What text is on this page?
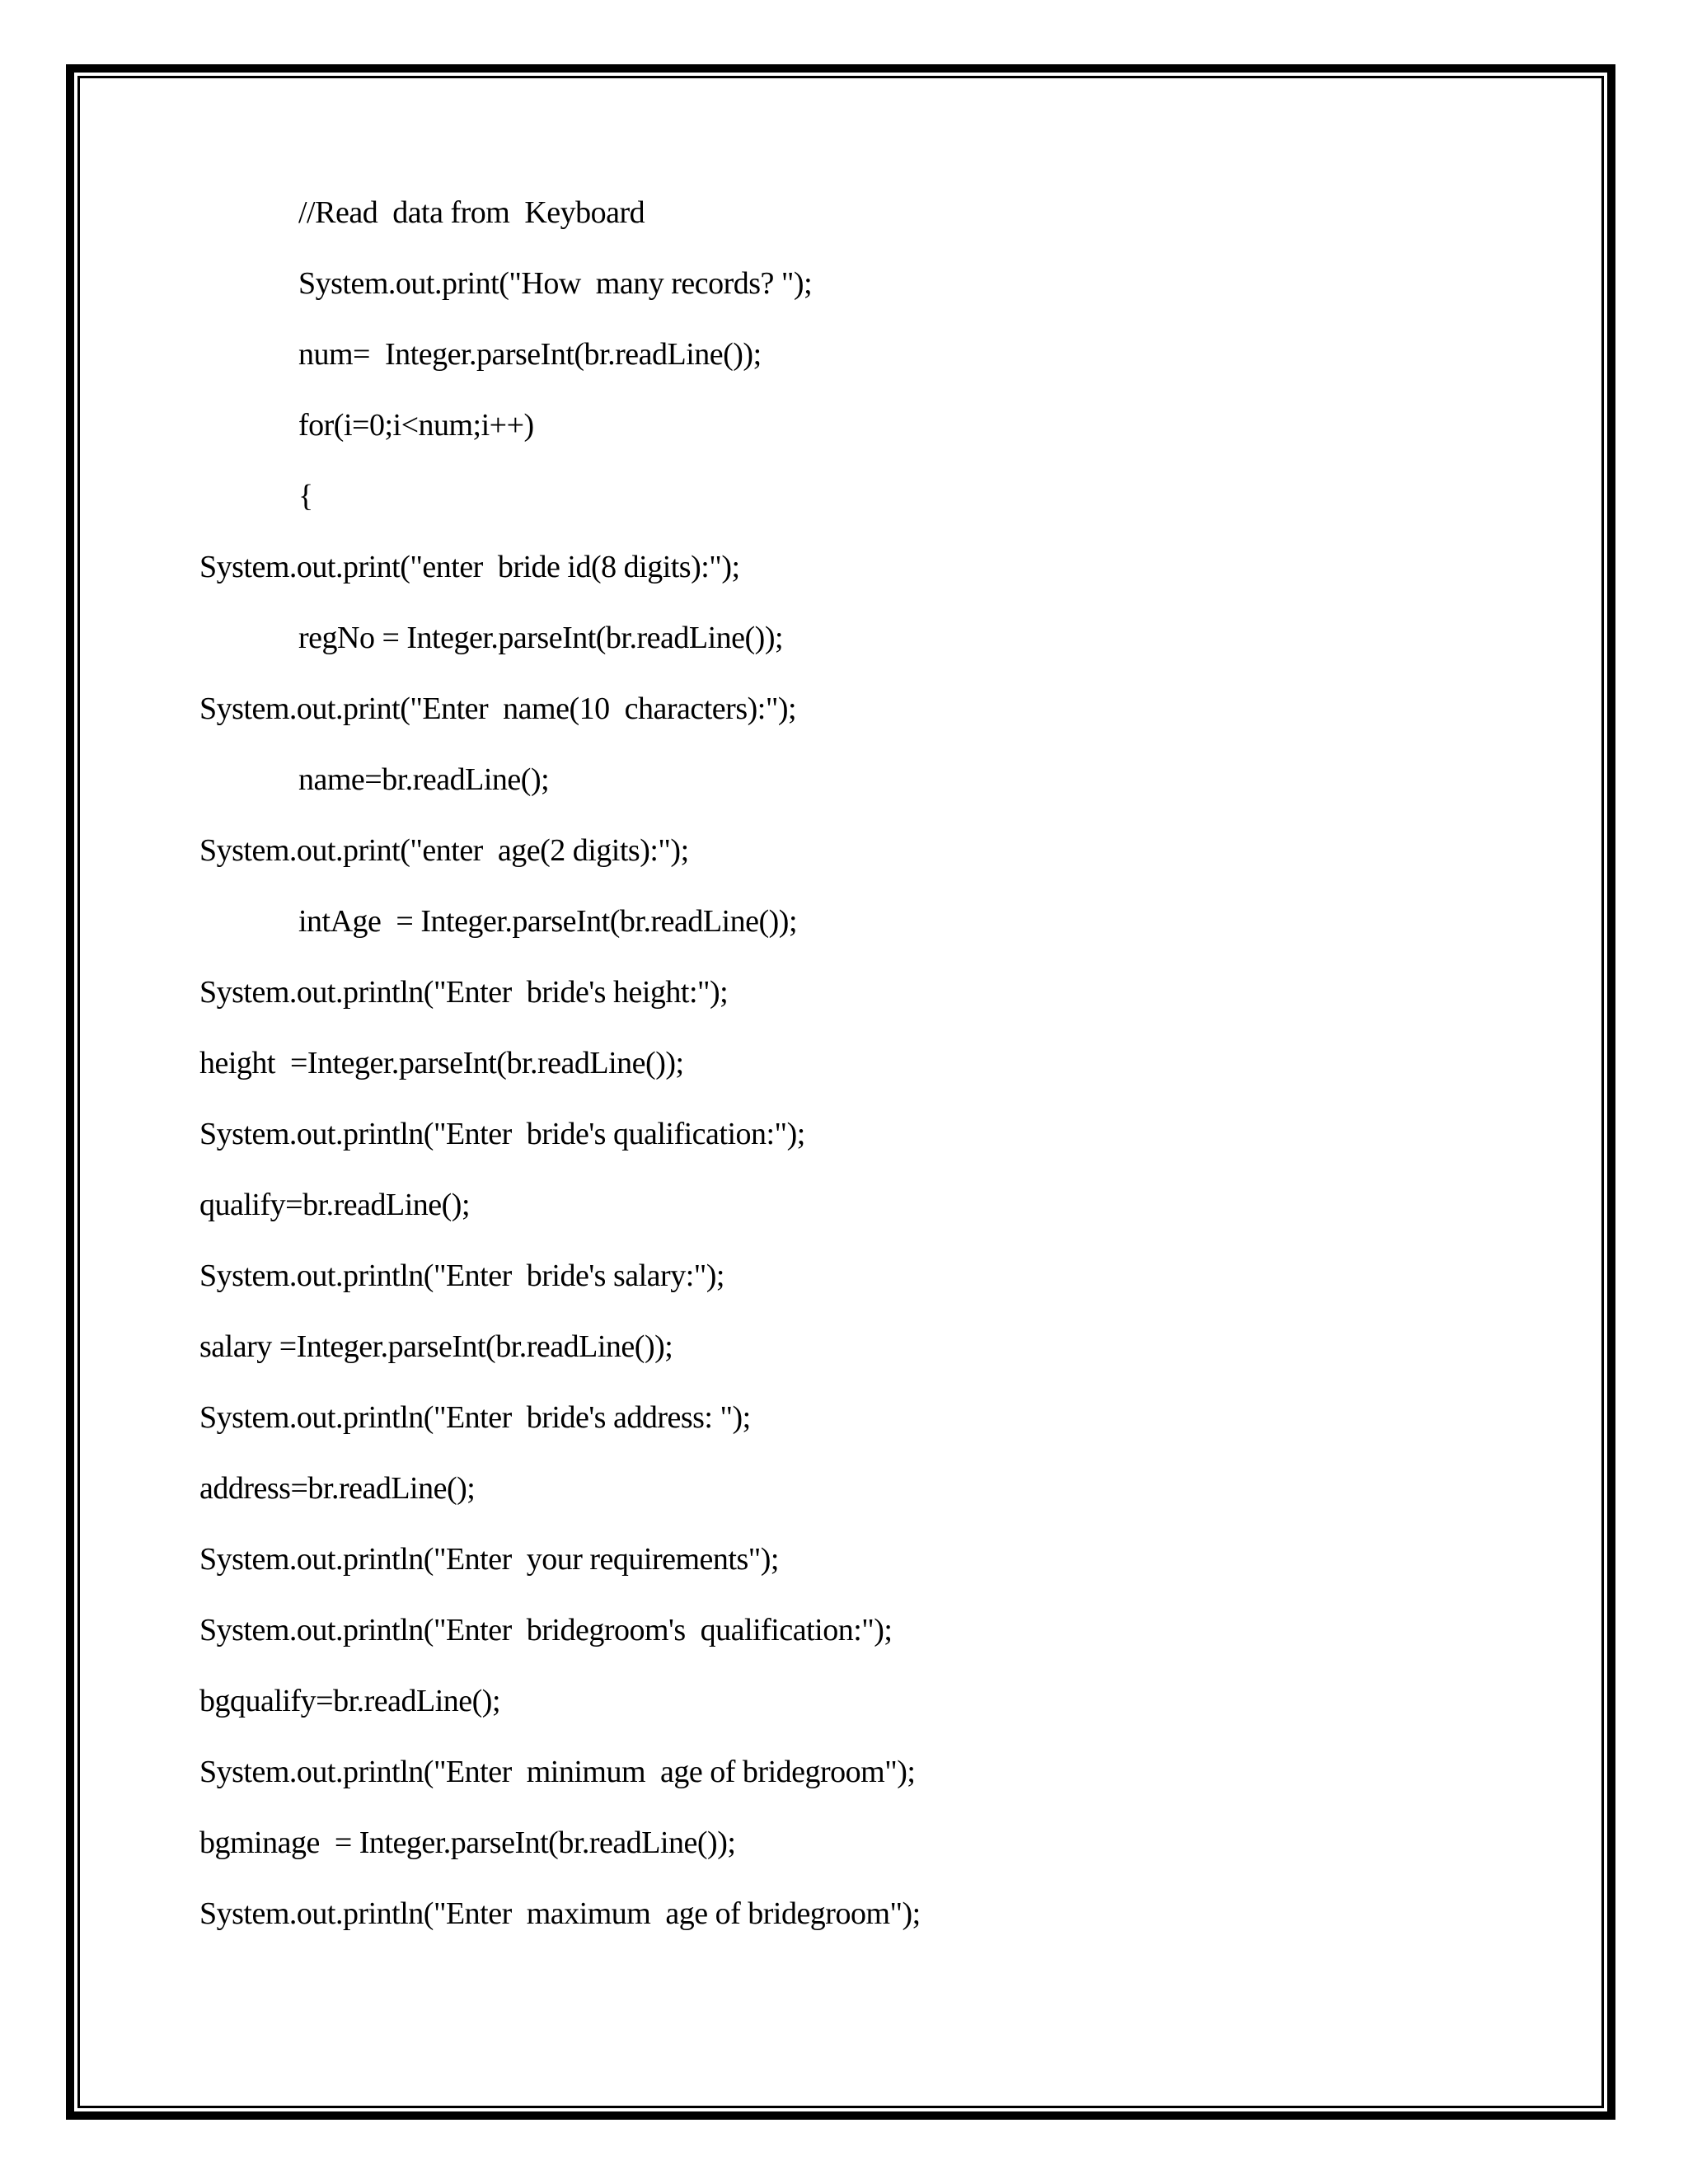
//Read  data from  Keyboard
System.out.print("How  many records? ");
num=  Integer.parseInt(br.readLine());
for(i=0;i<num;i++)
{
System.out.print("enter  bride id(8 digits):");
regNo = Integer.parseInt(br.readLine());
System.out.print("Enter  name(10  characters):");
name=br.readLine();
System.out.print("enter  age(2 digits):");
intAge  = Integer.parseInt(br.readLine());
System.out.println("Enter  bride's height:");
height  =Integer.parseInt(br.readLine());
System.out.println("Enter  bride's qualification:");
qualify=br.readLine();
System.out.println("Enter  bride's salary:");
salary =Integer.parseInt(br.readLine());
System.out.println("Enter  bride's address: ");
address=br.readLine();
System.out.println("Enter  your requirements");
System.out.println("Enter  bridegroom's  qualification:");
bgqualify=br.readLine();
System.out.println("Enter  minimum  age of bridegroom");
bgminage  = Integer.parseInt(br.readLine());
System.out.println("Enter  maximum  age of bridegroom");
